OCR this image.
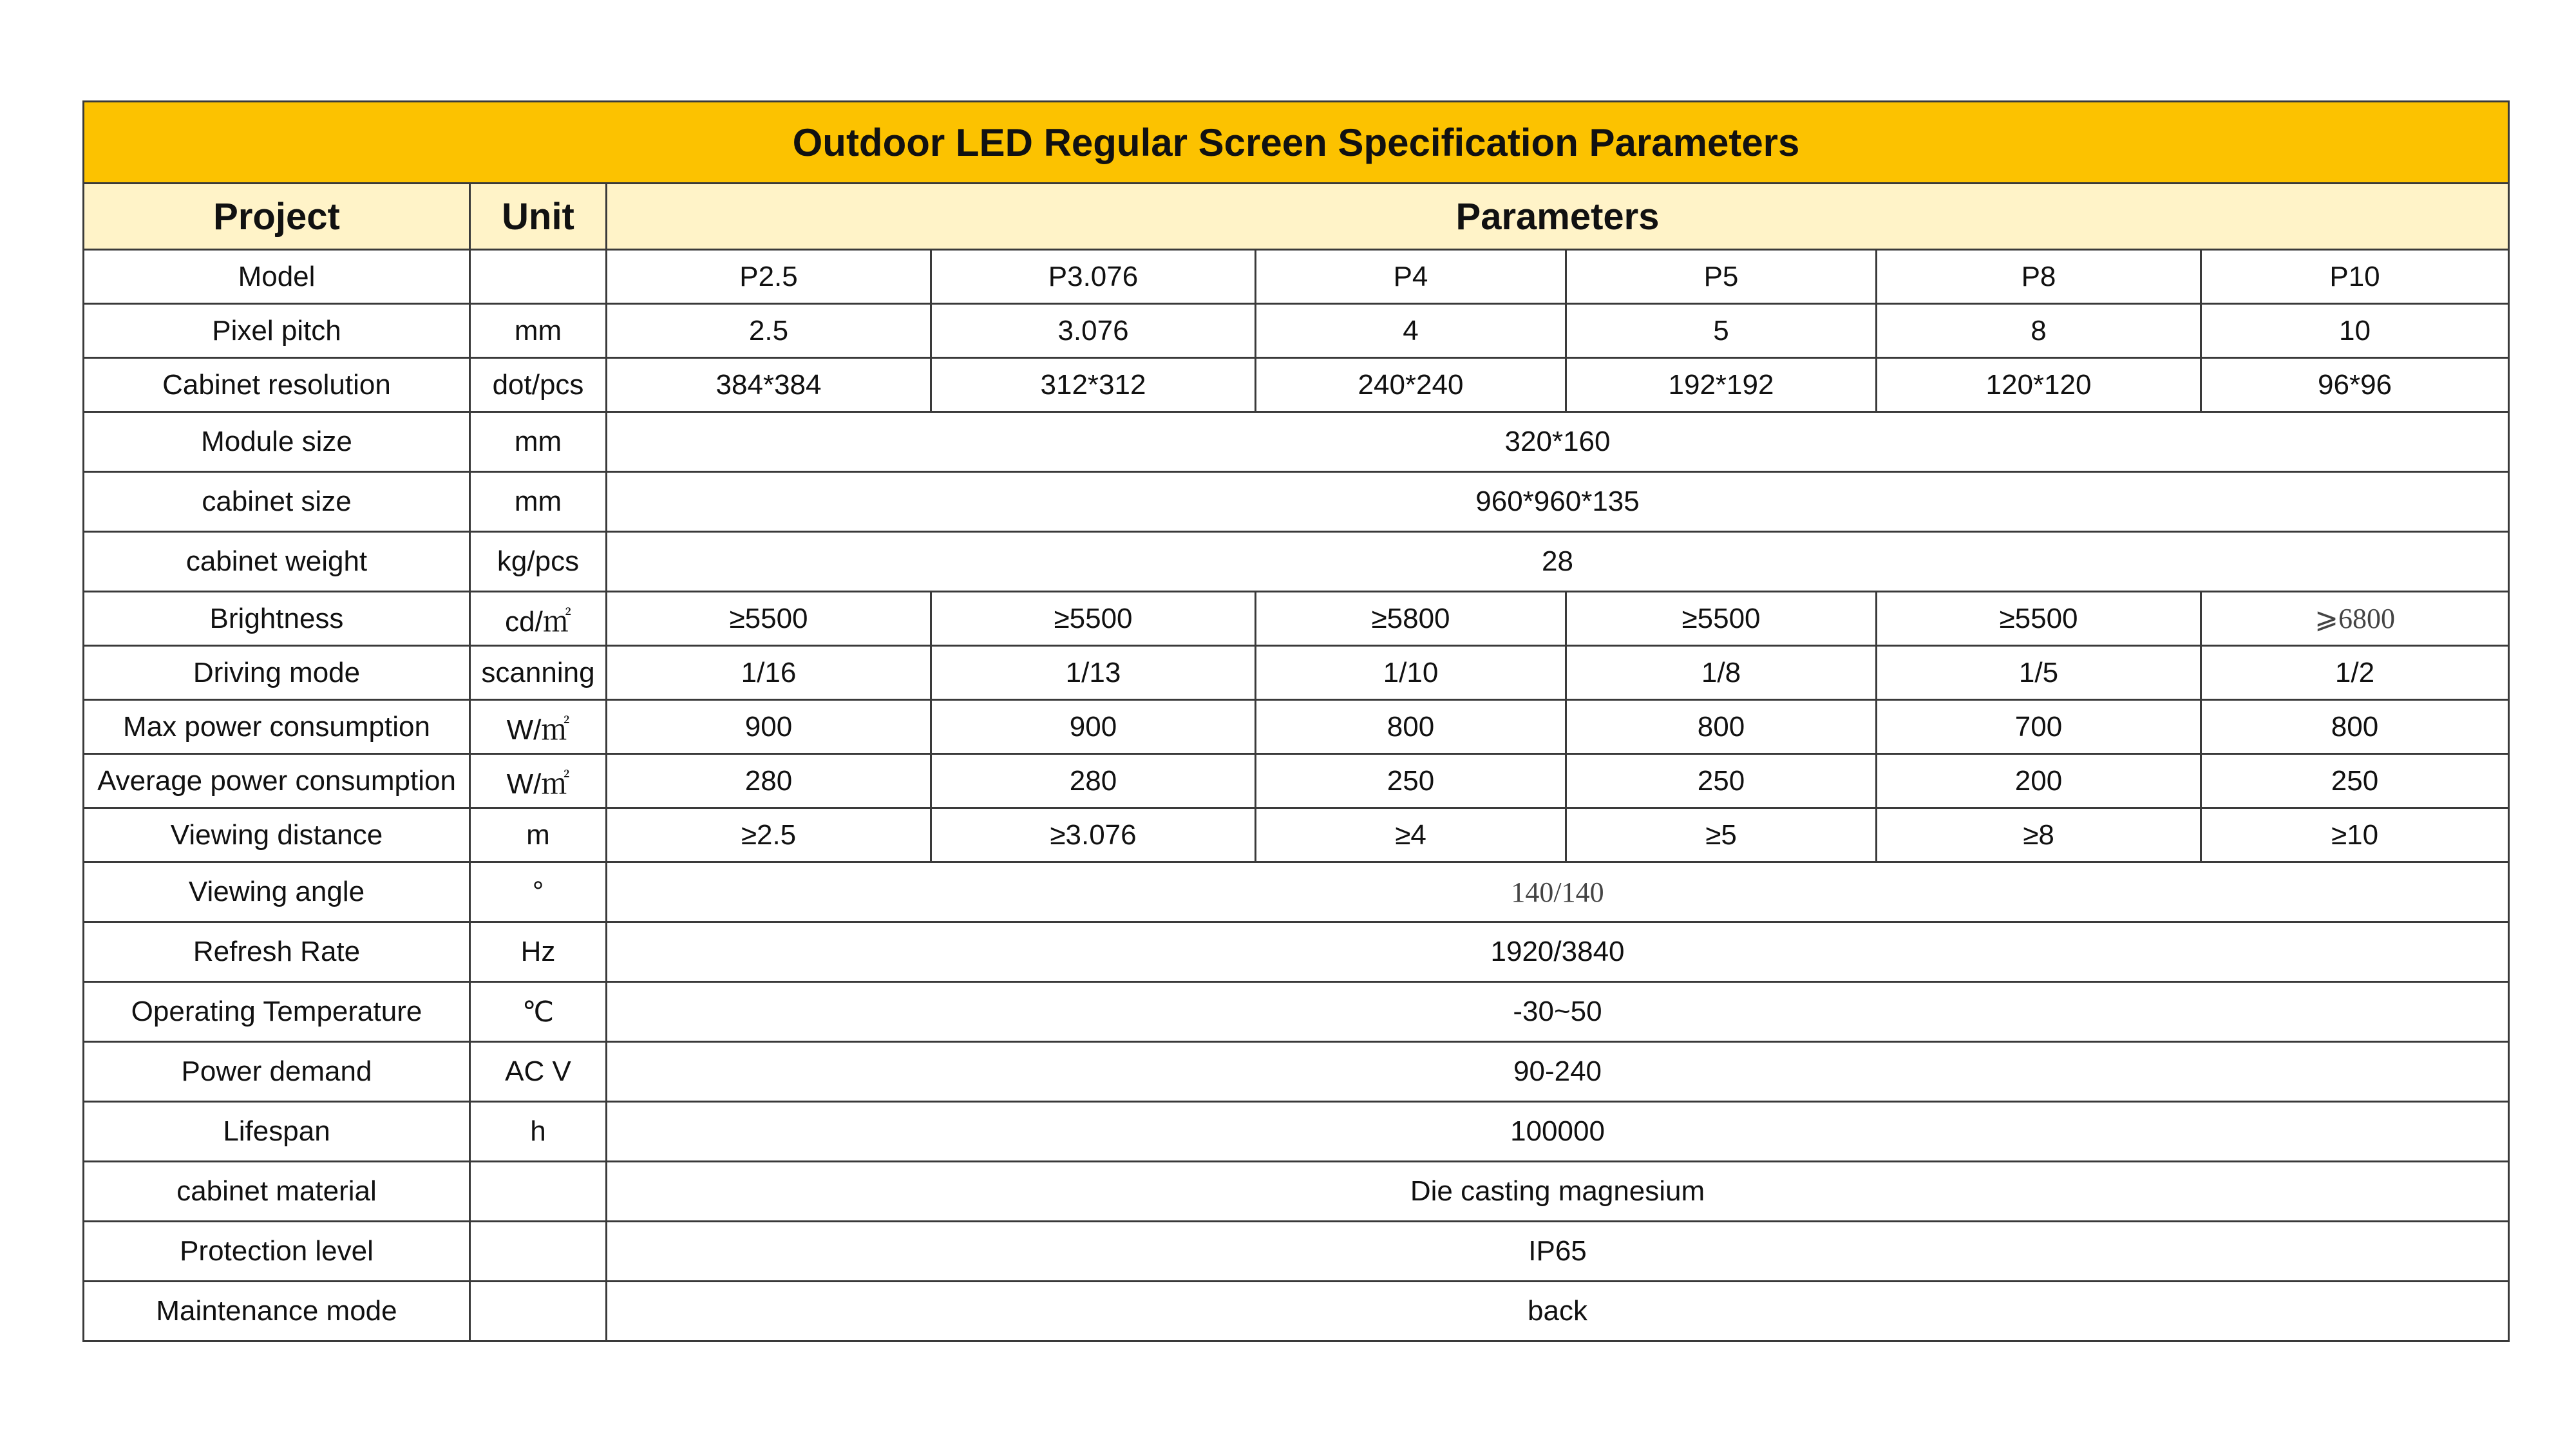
Outdoor LED Regular Screen Specification Parameters							
Project	Unit	Parameters					
Model		P2.5	P3.076	P4	P5	P8	P10
Pixel pitch	mm	2.5	3.076	4	5	8	10
Cabinet resolution	dot/pcs	384*384	312*312	240*240	192*192	120*120	96*96
Module size	mm	320*160					
cabinet size	mm	960*960*135					
cabinet weight	kg/pcs	28					
Brightness	cd/㎡	≥5500	≥5500	≥5800	≥5500	≥5500	⩾6800
Driving mode	scanning	1/16	1/13	1/10	1/8	1/5	1/2
Max power consumption	W/㎡	900	900	800	800	700	800
Average power consumption	W/㎡	280	280	250	250	200	250
Viewing distance	m	≥2.5	≥3.076	≥4	≥5	≥8	≥10
Viewing angle	°	140/140					
Refresh Rate	Hz	1920/3840					
Operating Temperature	℃	-30~50					
Power demand	AC V	90-240					
Lifespan	h	100000					
cabinet material		Die casting magnesium					
Protection level		IP65					
Maintenance mode		back					
